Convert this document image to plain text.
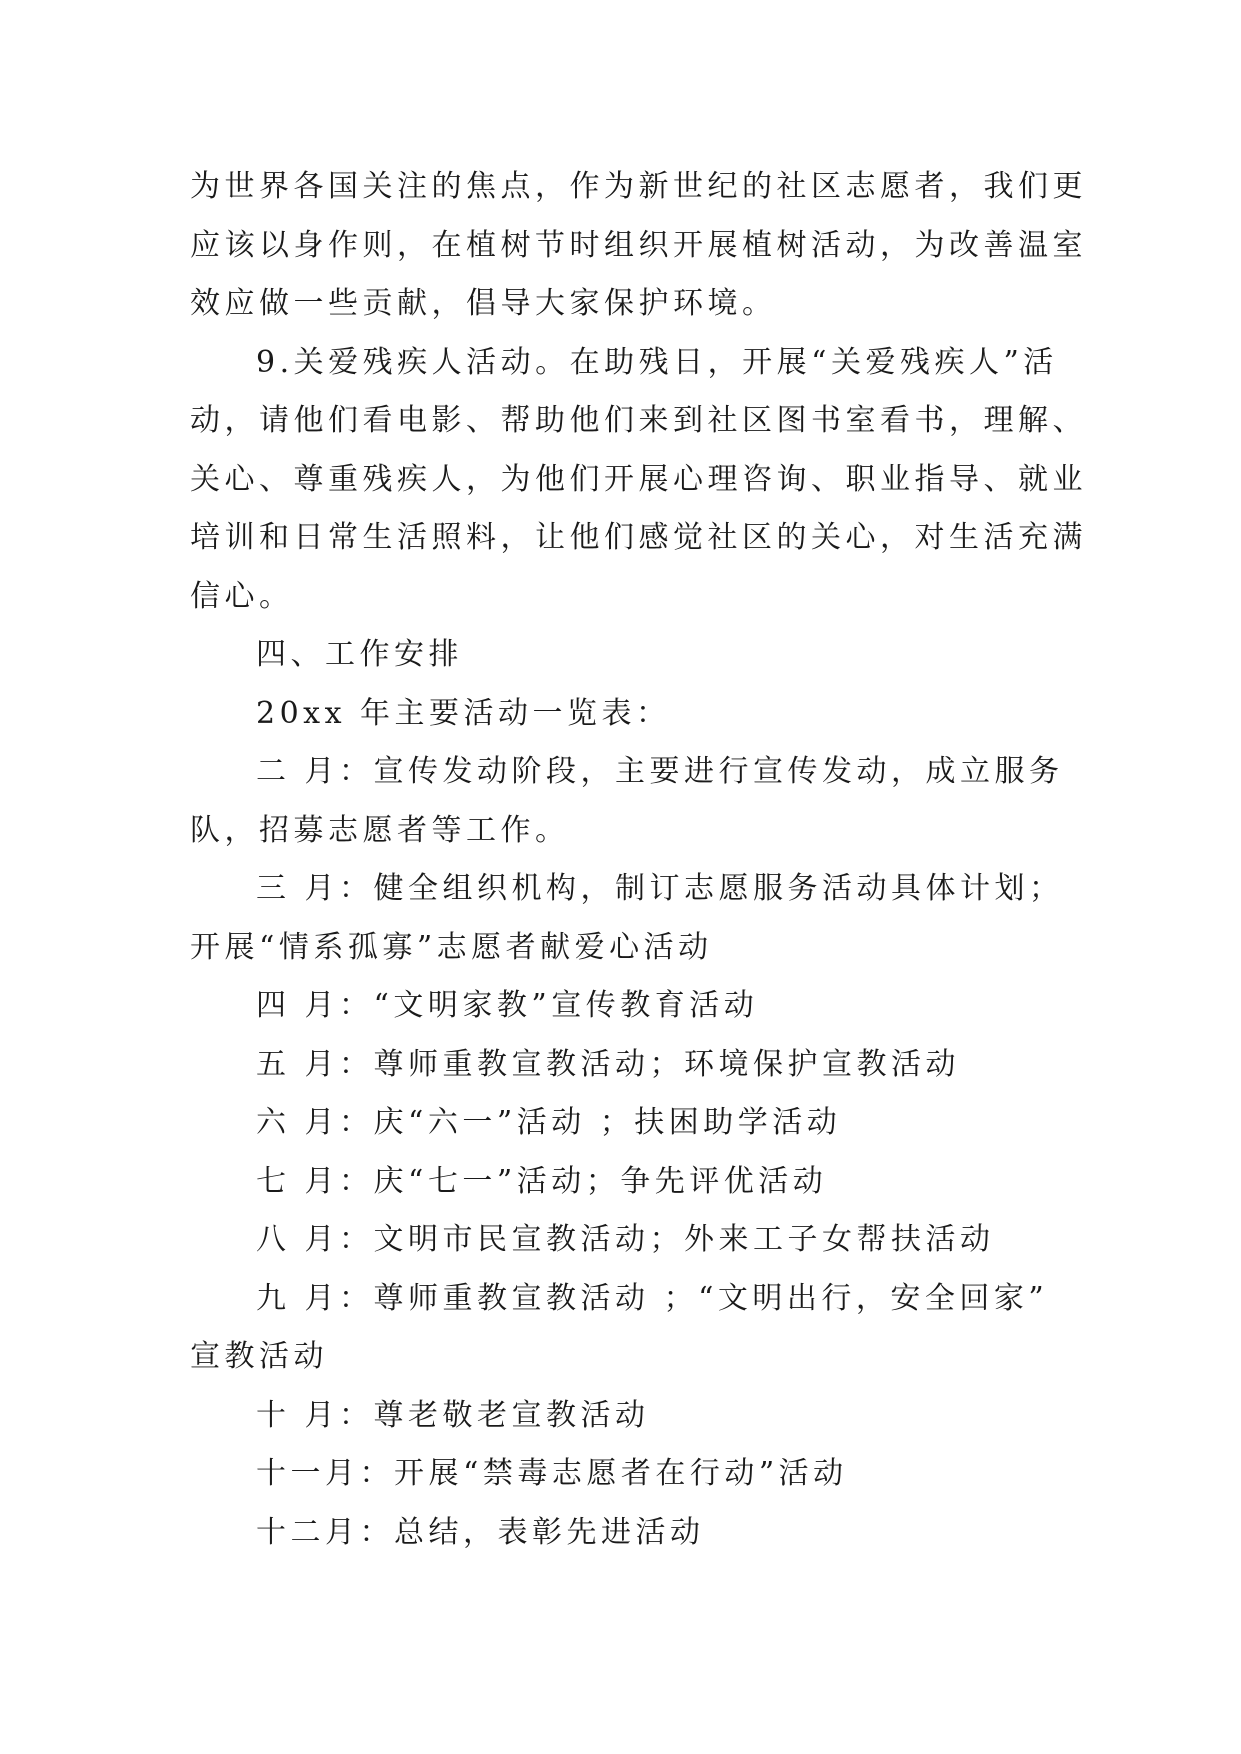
为世界各国关注的焦点，作为新世纪的社区志愿者，我们更
应该以身作则，在植树节时组织开展植树活动，为改善温室
效应做一些贡献，倡导大家保护环境。

9.关爱残疾人活动。在助残日，开展“关爱残疾人”活
动，请他们看电影、帮助他们来到社区图书室看书，理解、
关心、尊重残疾人，为他们开展心理咨询、职业指导、就业
培训和日常生活照料，让他们感觉社区的关心，对生活充满
信心。

四、工作安排

20xx 年主要活动一览表：

二 月：宣传发动阶段，主要进行宣传发动，成立服务
队，招募志愿者等工作。

三 月：健全组织机构，制订志愿服务活动具体计划；
开展“情系孤寡”志愿者献爱心活动

四 月：“文明家教”宣传教育活动

五 月：尊师重教宣教活动；环境保护宣教活动

六 月：庆“六一”活动 ；扶困助学活动

七 月：庆“七一”活动；争先评优活动

八 月：文明市民宣教活动；外来工子女帮扶活动

九 月：尊师重教宣教活动 ；“文明出行，安全回家”
宣教活动

十 月：尊老敬老宣教活动

十一月：开展“禁毒志愿者在行动”活动

十二月：总结，表彰先进活动
